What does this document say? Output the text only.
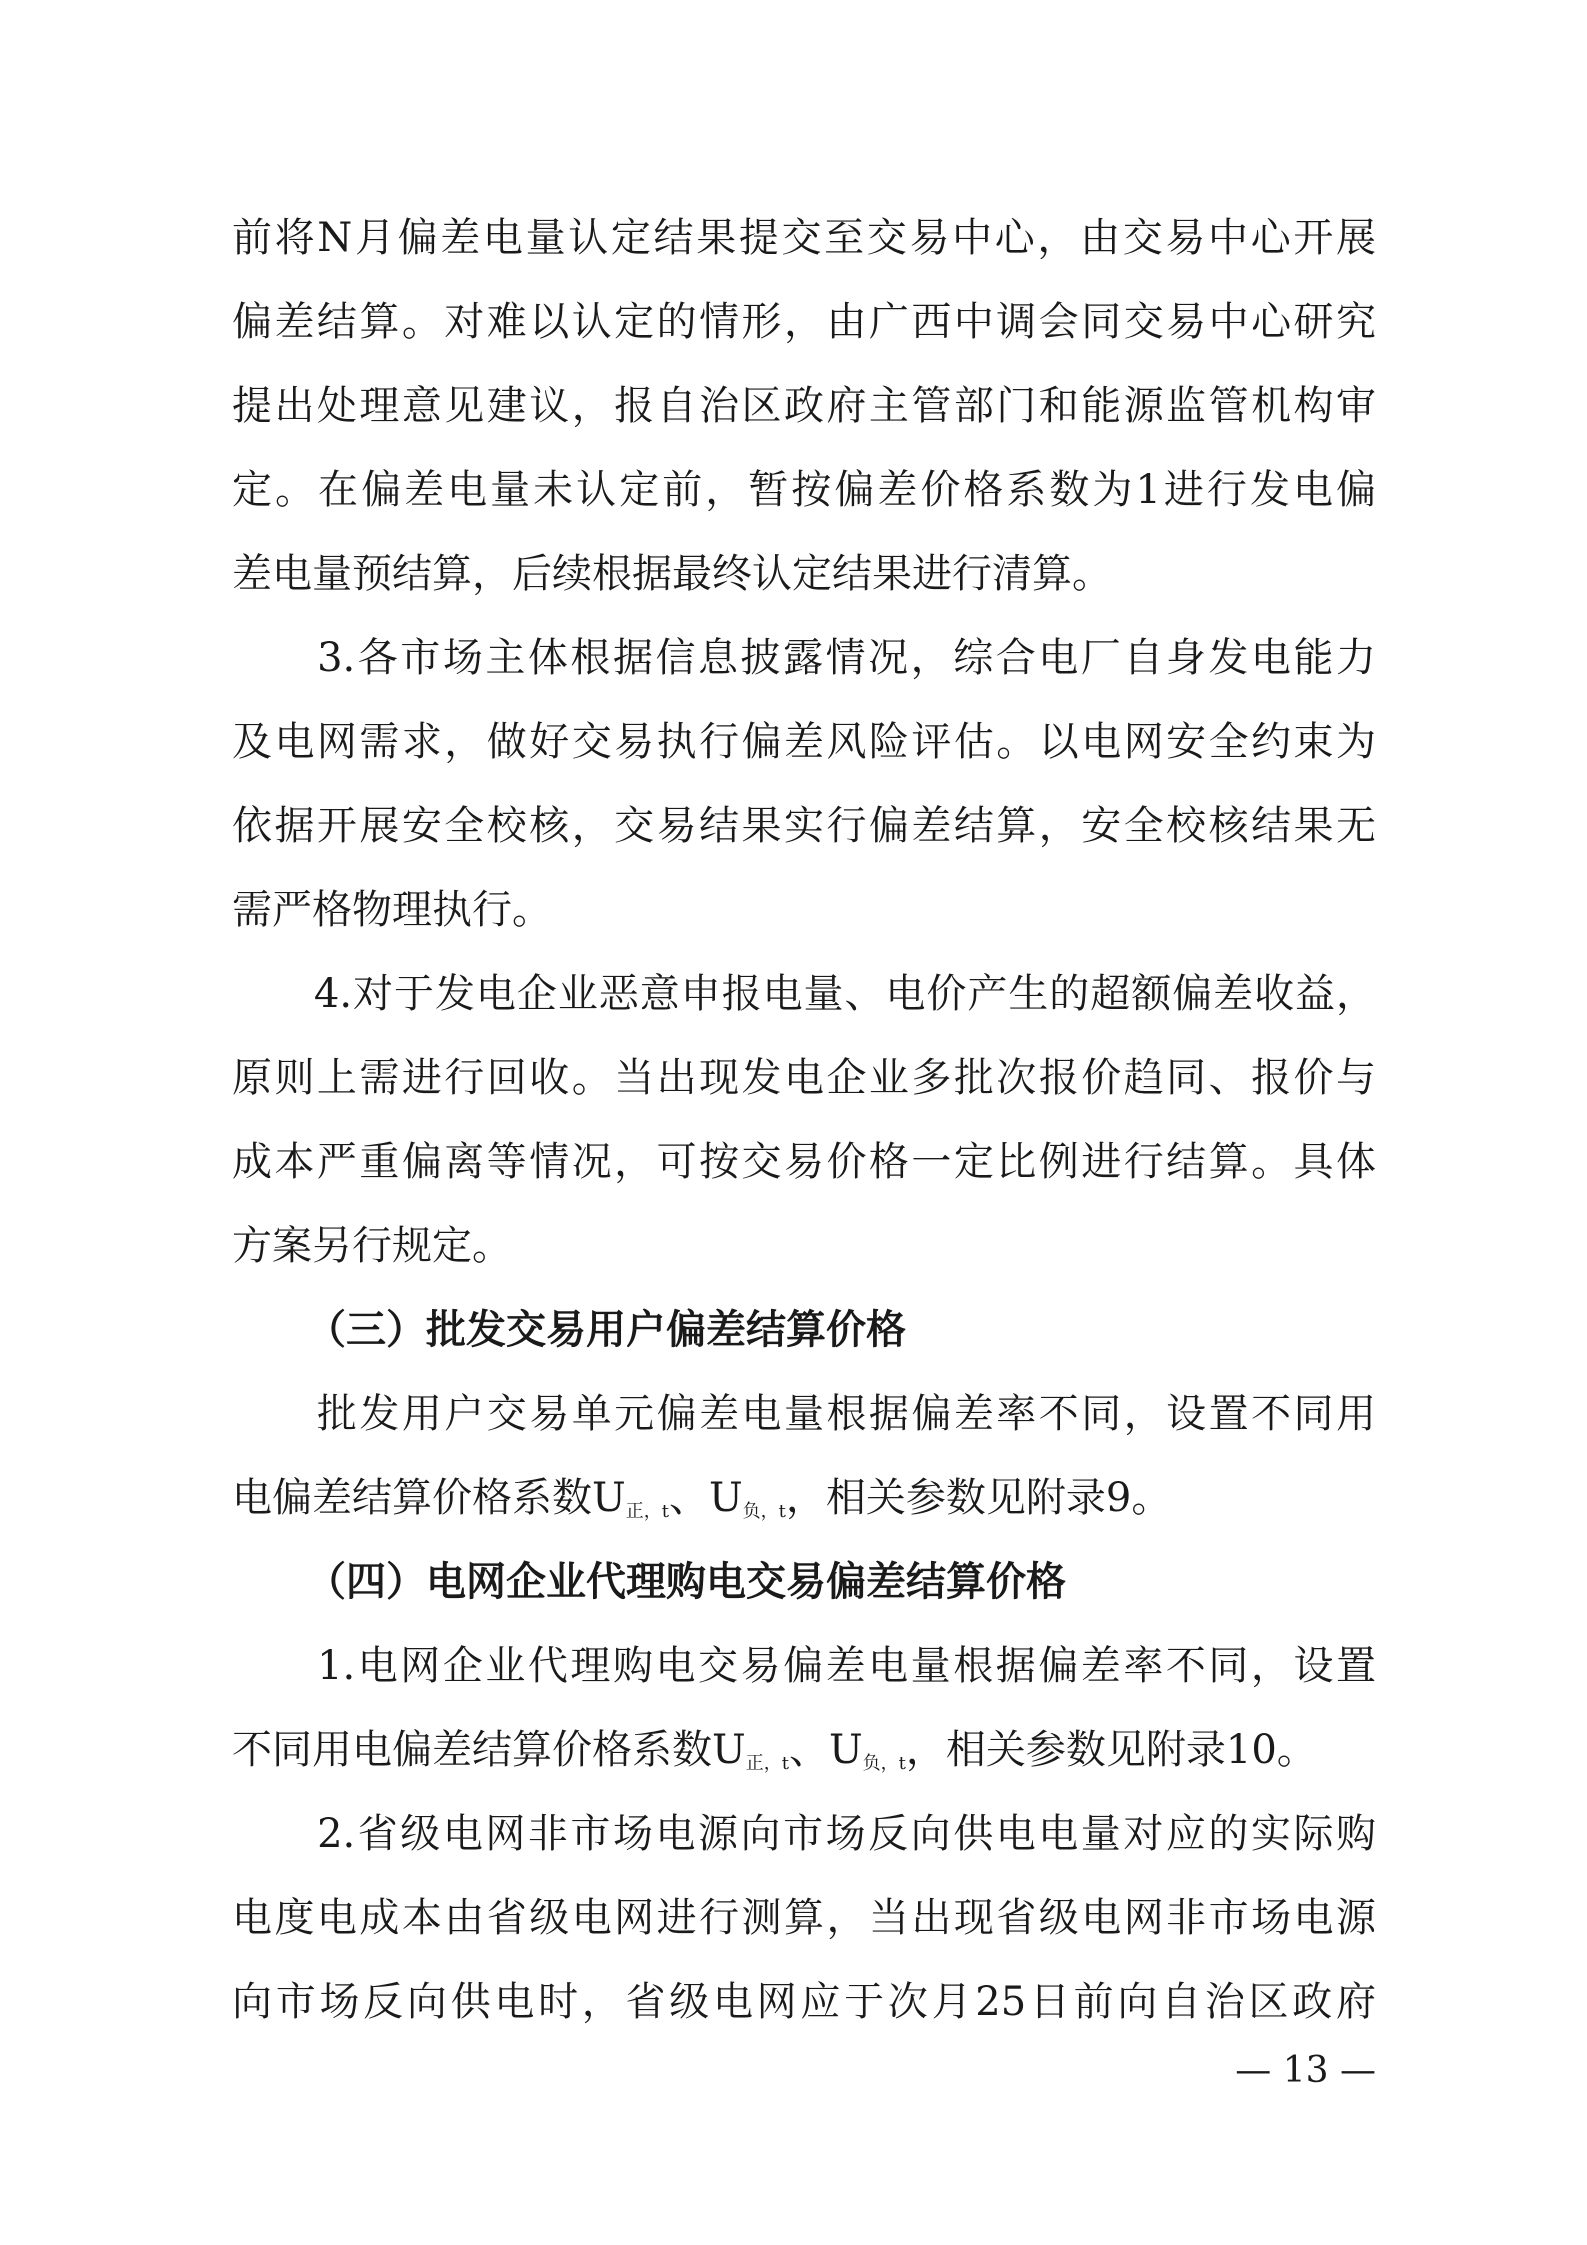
前将N月偏差电量认定结果提交至交易中心，由交易中心开展
偏差结算。对难以认定的情形，由广西中调会同交易中心研究
提出处理意见建议，报自治区政府主管部门和能源监管机构审
定。在偏差电量未认定前，暂按偏差价格系数为1进行发电偏
差电量预结算，后续根据最终认定结果进行清算。
　　3.各市场主体根据信息披露情况，综合电厂自身发电能力
及电网需求，做好交易执行偏差风险评估。以电网安全约束为
依据开展安全校核，交易结果实行偏差结算，安全校核结果无
需严格物理执行。
　　4.对于发电企业恶意申报电量、电价产生的超额偏差收益，
原则上需进行回收。当出现发电企业多批次报价趋同、报价与
成本严重偏离等情况，可按交易价格一定比例进行结算。具体
方案另行规定。
（三）批发交易用户偏差结算价格
　　批发用户交易单元偏差电量根据偏差率不同，设置不同用
电偏差结算价格系数$U_{正,t}$、$U_{负,t}$，相关参数见附录9。
（四）电网企业代理购电交易偏差结算价格
　　1.电网企业代理购电交易偏差电量根据偏差率不同，设置
不同用电偏差结算价格系数$U_{正,t}$、$U_{负,t}$，相关参数见附录10。
　　2.省级电网非市场电源向市场反向供电电量对应的实际购
电度电成本由省级电网进行测算，当出现省级电网非市场电源
向市场反向供电时，省级电网应于次月25日前向自治区政府
— 13 —
